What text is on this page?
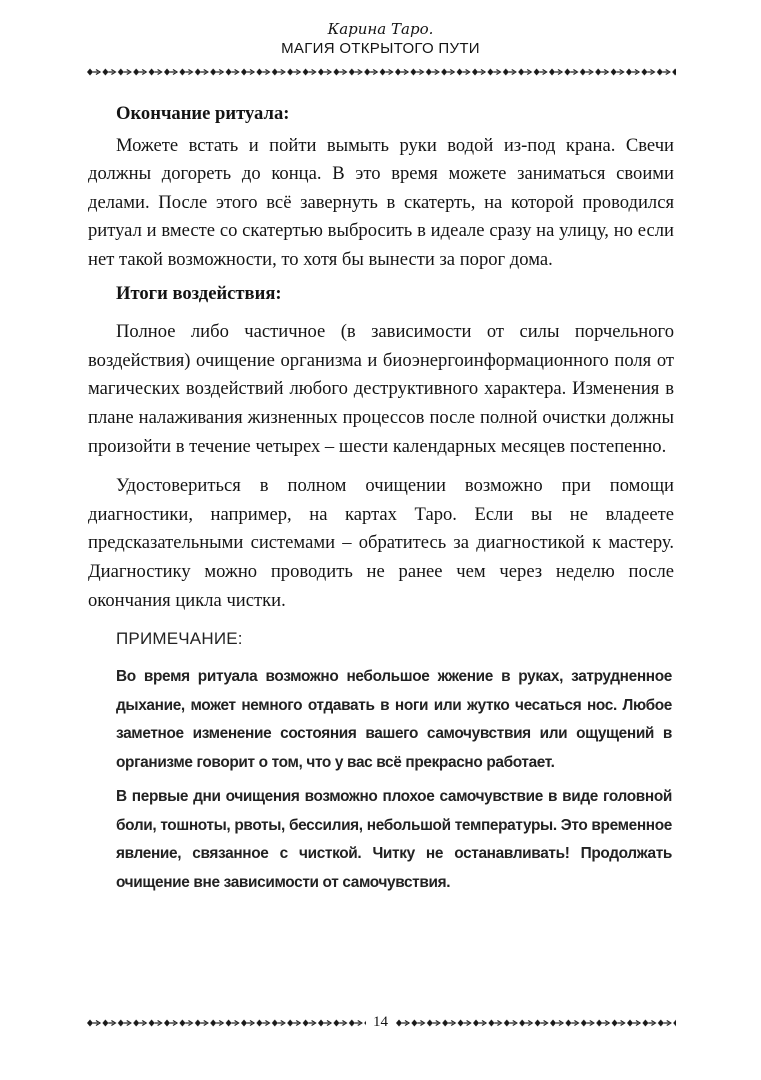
Карина Таро.
МАГИЯ ОТКРЫТОГО ПУТИ

Окончание ритуала:

Можете встать и пойти вымыть руки водой из-под крана. Свечи должны догореть до конца. В это время можете заниматься своими делами. После этого всё завернуть в скатерть, на которой проводился ритуал и вместе со скатертью выбросить в идеале сразу на улицу, но если нет такой возможности, то хотя бы вынести за порог дома.

Итоги воздействия:

Полное либо частичное (в зависимости от силы порчельного воздействия) очищение организма и биоэнергоинформационного поля от магических воздействий любого деструктивного характера. Изменения в плане налаживания жизненных процессов после полной очистки должны произойти в течение четырех – шести календарных месяцев постепенно.

Удостовериться в полном очищении возможно при помощи диагностики, например, на картах Таро. Если вы не владеете предсказательными системами – обратитесь за диагностикой к мастеру. Диагностику можно проводить не ранее чем через неделю после окончания цикла чистки.

ПРИМЕЧАНИЕ:

Во время ритуала возможно небольшое жжение в руках, затрудненное дыхание, может немного отдавать в ноги или жутко чесаться нос. Любое заметное изменение состояния вашего самочувствия или ощущений в организме говорит о том, что у вас всё прекрасно работает.

В первые дни очищения возможно плохое самочувствие в виде головной боли, тошноты, рвоты, бессилия, небольшой температуры. Это временное явление, связанное с чисткой. Читку не останавливать! Продолжать очищение вне зависимости от самочувствия.

14
